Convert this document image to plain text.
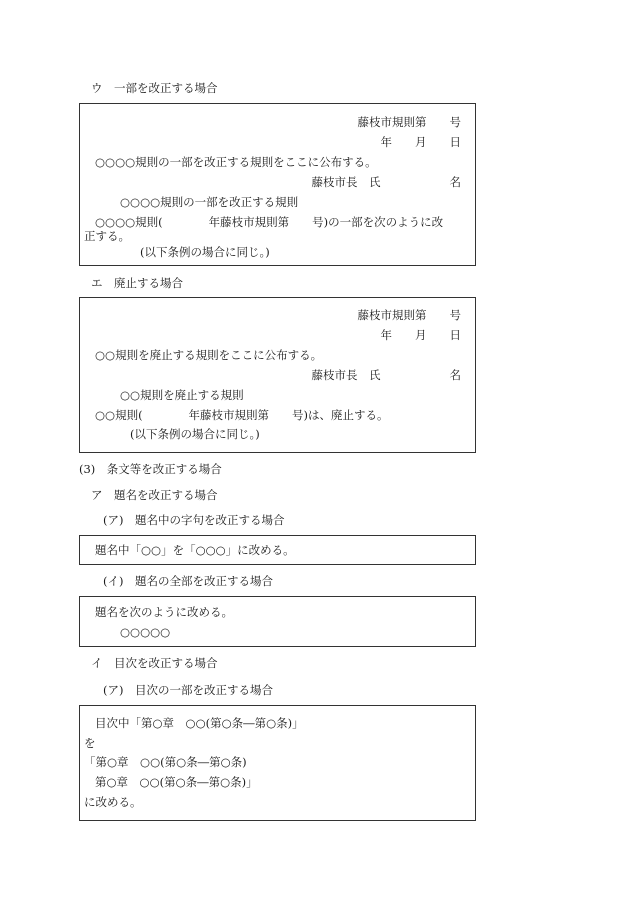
ウ　一部を改正する場合
藤枝市規則第　　号
年　　月　　日
○○○○規則の一部を改正する規則をここに公布する。
藤枝市長　氏　　　　　　名
○○○○規則の一部を改正する規則
○○○○規則(　　　　年藤枝市規則第　　号)の一部を次のように改
正する。
(以下条例の場合に同じ。)
エ　廃止する場合
藤枝市規則第　　号
年　　月　　日
○○規則を廃止する規則をここに公布する。
藤枝市長　氏　　　　　　名
○○規則を廃止する規則
○○規則(　　　　年藤枝市規則第　　号)は、廃止する。
(以下条例の場合に同じ。)
(3)　条文等を改正する場合
ア　題名を改正する場合
(ア)　題名中の字句を改正する場合
題名中「○○」を「○○○」に改める。
(イ)　題名の全部を改正する場合
題名を次のように改める。
○○○○○
イ　目次を改正する場合
(ア)　目次の一部を改正する場合
目次中「第○章　○○(第○条―第○条)」
を
「第○章　○○(第○条―第○条)
第○章　○○(第○条―第○条)」
に改める。
